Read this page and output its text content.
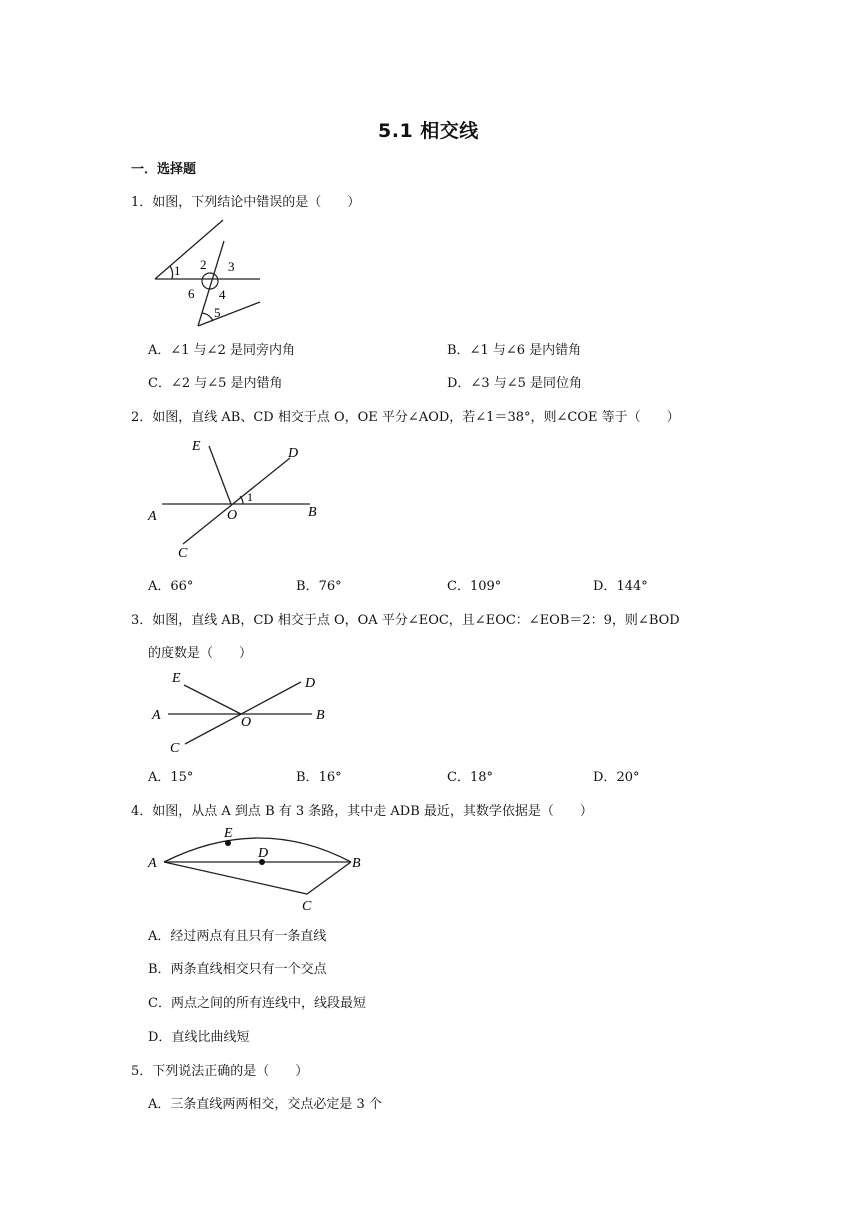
5.1 相交线
一．选择题
1．如图，下列结论中错误的是（　　）
1 2 3
4
5
6
A．∠1 与∠2 是同旁内角	B．∠1 与∠6 是内错角
C．∠2 与∠5 是内错角	D．∠3 与∠5 是同位角
2．如图，直线 AB、CD 相交于点 O，OE 平分∠AOD，若∠1＝38°，则∠COE 等于（　　）
E	D
A	O	B
C
1
A．66°	B．76°	C．109°	D．144°
3．如图，直线 AB，CD 相交于点 O，OA 平分∠EOC，且∠EOC：∠EOB＝2：9，则∠BOD
的度数是（　　）
E	D
A	O	B
C
A．15°	B．16°	C．18°	D．20°
4．如图，从点 A 到点 B 有 3 条路，其中走 ADB 最近，其数学依据是（　　）
E
D
A	B
C
A．经过两点有且只有一条直线
B．两条直线相交只有一个交点
C．两点之间的所有连线中，线段最短
D．直线比曲线短
5．下列说法正确的是（　　）
A．三条直线两两相交，交点必定是 3 个
